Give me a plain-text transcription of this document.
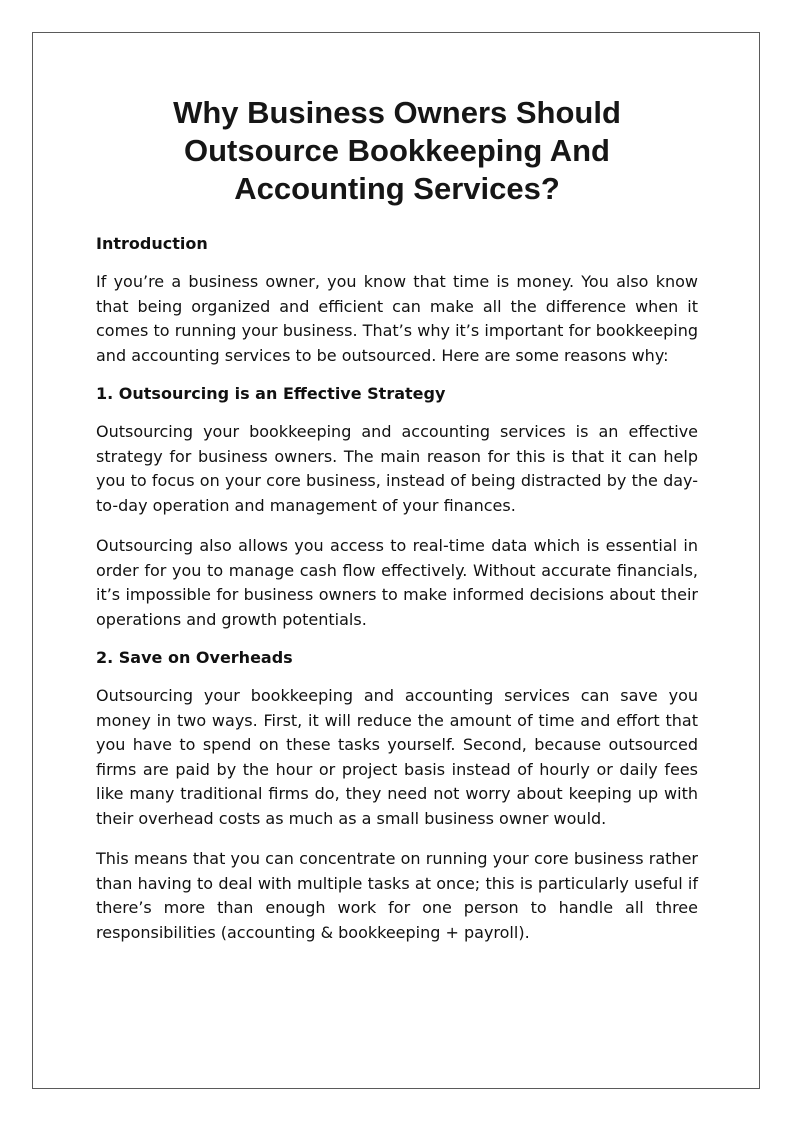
Why Business Owners Should
Outsource Bookkeeping And
Accounting Services?
Introduction

If you’re a business owner, you know that time is money. You also know that being organized and efficient can make all the difference when it comes to running your business. That’s why it’s important for bookkeeping and accounting services to be outsourced. Here are some reasons why:

1. Outsourcing is an Effective Strategy

Outsourcing your bookkeeping and accounting services is an effective strategy for business owners. The main reason for this is that it can help you to focus on your core business, instead of being distracted by the day-to-day operation and management of your finances.

Outsourcing also allows you access to real-time data which is essential in order for you to manage cash flow effectively. Without accurate financials, it’s impossible for business owners to make informed decisions about their operations and growth potentials.

2. Save on Overheads

Outsourcing your bookkeeping and accounting services can save you money in two ways. First, it will reduce the amount of time and effort that you have to spend on these tasks yourself. Second, because outsourced firms are paid by the hour or project basis instead of hourly or daily fees like many traditional firms do, they need not worry about keeping up with their overhead costs as much as a small business owner would.

This means that you can concentrate on running your core business rather than having to deal with multiple tasks at once; this is particularly useful if there’s more than enough work for one person to handle all three responsibilities (accounting & bookkeeping + payroll).
